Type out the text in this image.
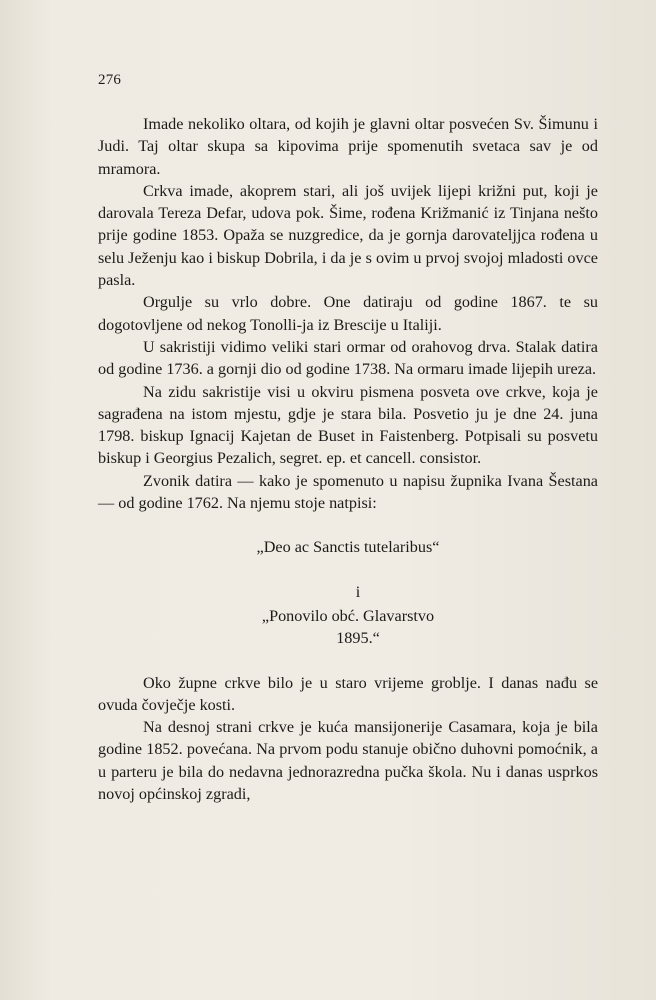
276

Imade nekoliko oltara, od kojih je glavni oltar posvećen Sv. Šimunu i Judi. Taj oltar skupa sa kipovima prije spomenutih svetaca sav je od mramora.

Crkva imade, akoprem stari, ali još uvijek lijepi križni put, koji je darovala Tereza Defar, udova pok. Šime, rođena Križmanić iz Tinjana nešto prije godine 1853. Opaža se nuzgredice, da je gornja darovateljjca rođena u selu Ježenju kao i biskup Dobrila, i da je s ovim u prvoj svojoj mladosti ovce pasla.

Orgulje su vrlo dobre. One datiraju od godine 1867. te su dogotovljene od nekog Tonolli-ja iz Brescije u Italiji.

U sakristiji vidimo veliki stari ormar od orahovog drva. Stalak datira od godine 1736. a gornji dio od godine 1738. Na ormaru imade lijepih ureza.

Na zidu sakristije visi u okviru pismena posveta ove crkve, koja je sagrađena na istom mjestu, gdje je stara bila. Posvetio ju je dne 24. juna 1798. biskup Ignacij Kajetan de Buset in Faistenberg. Potpisali su posvetu biskup i Georgius Pezalich, segret. ep. et cancell. consistor.

Zvonik datira — kako je spomenuto u napisu župnika Ivana Šestana — od godine 1762. Na njemu stoje natpisi:

„Deo ac Sanctis tutelaribus“
i
„Ponovilo obć. Glavarstvo
1895.“

Oko župne crkve bilo je u staro vrijeme groblje. I danas nađu se ovuda čovječje kosti.

Na desnoj strani crkve je kuća mansijonerije Casamara, koja je bila godine 1852. povećana. Na prvom podu stanuje obično duhovni pomoćnik, a u parteru je bila do nedavna jednorazredna pučka škola. Nu i danas usprkos novoj općinskoj zgradi,
